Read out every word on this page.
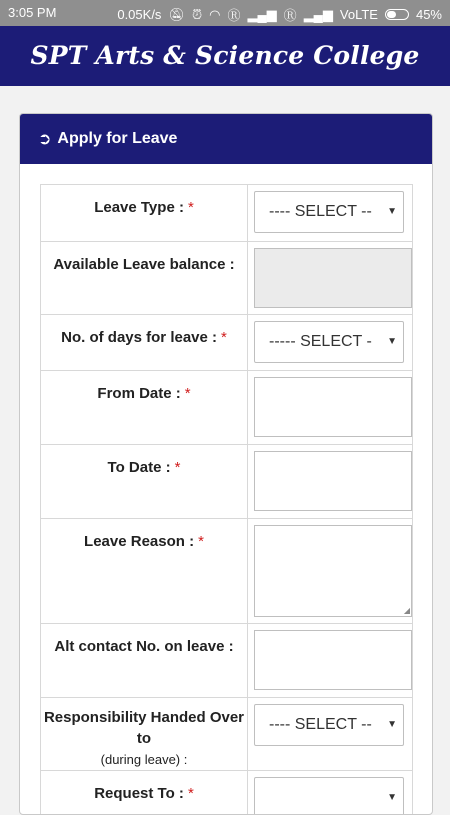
3:05 PM	0.05K/s 🔕︎ ⏰︎ ◠ Ⓡ ▂▄▆ Ⓡ ▂▄▆ VoLTE	45%
SPT Arts & Science College
➲ Apply for Leave
Leave Type : *	---- SELECT -- ▼

Available Leave balance :	

No. of days for leave : *	----- SELECT - ▼

From Date : *	

To Date : *	

Leave Reason : *	◢

Alt contact No. on leave :	

Responsibility Handed Over to
(during leave) :	---- SELECT -- ▼

Request To : *	▼
